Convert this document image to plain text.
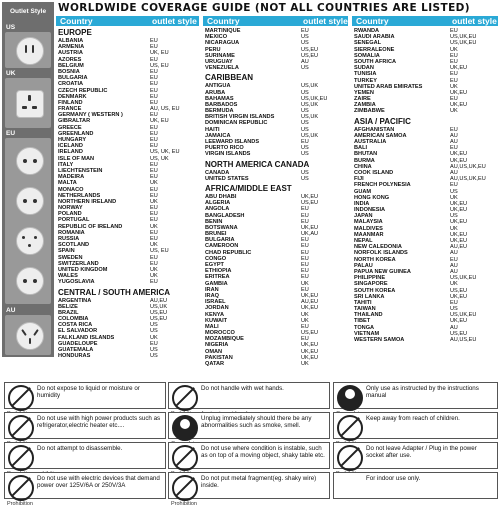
WORLDWIDE COVERAGE GUIDE (NOT ALL COUNTRIES ARE LISTED)
Outlet Style
US
UK
EU
AU
Country	outlet style
EUROPE
ALBANIA	EU
ARMENIA	EU
AUSTRIA	UK, EU
AZORES	EU
BELGIUM	US, EU
BOSNIA	EU
BULGARIA	EU
CROATIA	EU
CZECH REPUBLIC	EU
DENMARK	EU
FINLAND	EU
FRANCE	AU, US, EU
GERMANY ( WESTERN )	EU
GIBRALTAR	UK, EU
GREECE	EU
GREENLAND	EU
HUNGARY	EU
ICELAND	EU
IRELAND	US, UK, EU
ISLE OF MAN	US, UK
ITALY	EU
LIECHTENSTEIN	EU
MADEIRA	EU
MALTA	UK
MONACO	EU
NETHERLANDS	EU
NORTHERN IRELAND	UK
NORWAY	EU
POLAND	EU
PORTUGAL	EU
REPUBLIC OF IRELAND	UK
ROMANIA	EU
RUSSIA	EU
SCOTLAND	UK
SPAIN	US, EU
SWEDEN	EU
SWITZERLAND	EU
UNITED KINGDOM	UK
WALES	UK
YUGOSLAVIA	EU
CENTRAL / SOUTH AMERICA
ARGENTINA	AU,EU
BELIZE	US,UK
BRAZIL	US,EU
COLOMBIA	US,EU
COSTA RICA	US
EL SALVADOR	US
FALKLAND ISLANDS	UK
GUADELOUPE	EU
GUATEMALA	US
HONDURAS	US
Country	outlet style
MARTINIQUE	EU
MEXICO	US
NICARAGUA	US
PERU	US,EU
SURINAME	US,EU
URUGUAY	AU
VENEZUELA	US
CARIBBEAN
ANTIGUA	US,UK
ARUBA	US
BAHAMAS	US,UK,EU
BARBADOS	US,UK
BERMUDA	US
BRITISH VIRGIN ISLANDS	US,UK
DOMINICAN REPUBLIC	US
HAITI	US
JAMAICA	US,UK
LEEWARD ISLANDS	EU
PUERTO RICO	US
VIRGIN ISLANDS	US
NORTH AMERICA CANADA
CANADA	US
UNITED STATES	US
AFRICA/MIDDLE EAST
ABU DHABI	UK,EU
ALGERIA	US,EU
ANGOLA	EU
BANGLADESH	EU
BENIN	EU
BOTSWANA	UK,EU
BRUNEI	UK,AU
BULGARIA	EU
CAMEROON	EU
CHAD REPUBLIC	EU
CONGO	EU
EGYPT	EU
ETHIOPIA	EU
ERITREA	EU
GAMBIA	UK
IRAN	EU
IRAQ	UK,EU
ISRAEL	AU,EU
JORDAN	UK,EU
KENYA	UK
KUWAIT	UK
MALI	EU
MOROCCO	US,EU
MOZAMBIQUE	EU
NIGERIA	UK,EU
OMAN	UK,EU
PAKISTAN	UK,EU
QATAR	UK
Country	outlet style
RWANDA	EU
SAUDI ARABIA	US,UK,EU
SENEGAL	US,UK,EU
SIERRALEONE	UK
SOMALIA	EU
SOUTH AFRICA	EU
SUDAN	UK,EU
TUNISIA	EU
TURKEY	EU
UNITED ARAB EMIRATES	UK
YEMEN	UK,EU
ZAIRE	EU
ZAMBIA	UK,EU
ZIMBABWE	UK
ASIA / PACIFIC
AFGHANISTAN	EU
AMERICAN SAMOA	AU
AUSTRALIA	AU
BALI	EU
BHUTAN	UK,EU
BURMA	UK,EU
CHINA	AU,US,UK,EU
COOK ISLAND	AU
FIJI	AU,US,UK,EU
FRENCH POLYNESIA	EU
GUAM	US
HONG KONG	UK
INDIA	UK,EU
INDONESIA	UK,EU
JAPAN	US
MALAYSIA	UK,EU
MALDIVES	UK
MAANMAR	UK,EU
NEPAL	UK,EU
NEW CALEDONIA	AU,EU
NORFOLK ISLANDS	AU
NORTH KOREA	EU
PALAU	AU
PAPUA NEW GUINEA	AU
PHILIPPINE	US,UK,EU
SINGAPORE	UK
SOUTH KOREA	US,EU
SRI LANKA	UK,EU
TAHITI	EU
TAIWAN	US
THAILAND	US,UK,EU
TIBET	UK,EU
TONGA	AU
VIETNAM	US,EU
WESTERN SAMOA	AU,US,EU
Do not expose to liquid or moisture or humidity
Do not handle with wet hands.	Only use as instructed by the instructions manual
Do not use with high power products such as refrigerator,electric heater etc....
Unplug immediately should there be any abnormalities such as smoke, smell.
Keep away from reach of children.
Do not attempt to disassemble.	Do not use where condition is instable, such as on top of a moving object, shaky table etc.
Do not leave Adapter / Plug in the power socket after use.
Prohibition
Do not use with electric devices that demand power over 125V/6A or 250V/3A
Prohibition
Do not put metal fragment(eg. shaky wire) inside.
For indoor use only.
